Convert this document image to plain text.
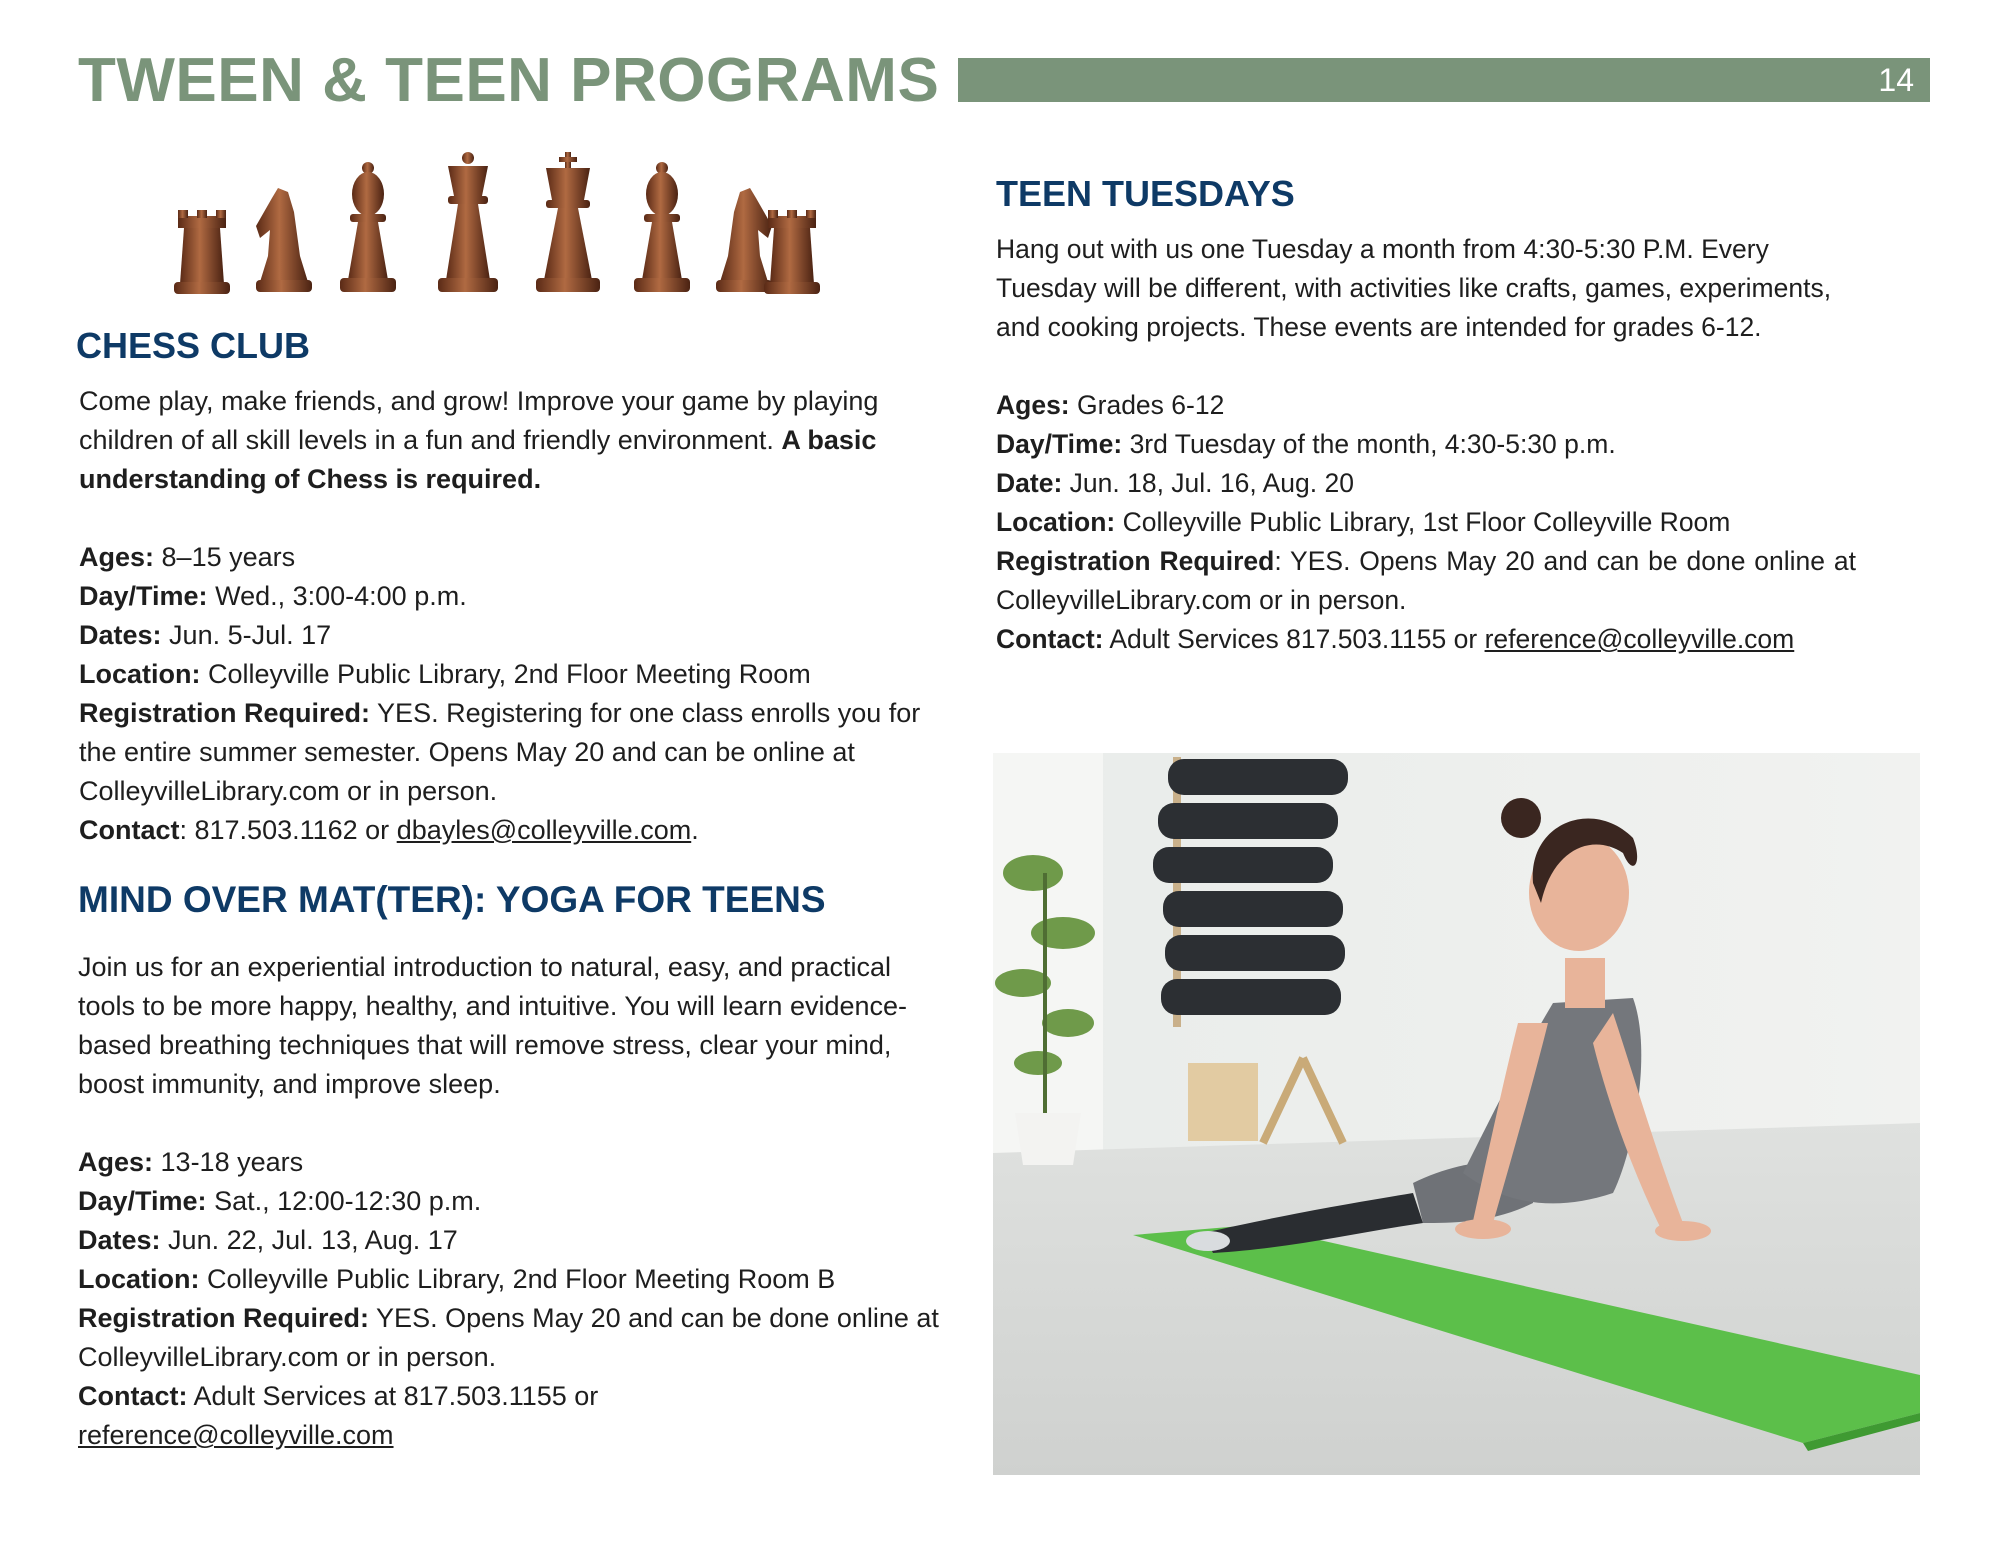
TWEEN & TEEN PROGRAMS	14
CHESS CLUB

Come play, make friends, and grow! Improve your game by playing children of all skill levels in a fun and friendly environment. A basic understanding of Chess is required.

Ages: 8–15 years

Day/Time: Wed., 3:00-4:00 p.m.

Dates: Jun. 5-Jul. 17

Location: Colleyville Public Library, 2nd Floor Meeting Room

Registration Required: YES. Registering for one class enrolls you for the entire summer semester. Opens May 20 and can be online at ColleyvilleLibrary.com or in person.

Contact: 817.503.1162 or dbayles@colleyville.com.

MIND OVER MAT(TER): YOGA FOR TEENS

Join us for an experiential introduction to natural, easy, and practical tools to be more happy, healthy, and intuitive. You will learn evidence-based breathing techniques that will remove stress, clear your mind, boost immunity, and improve sleep.

Ages: 13-18 years

Day/Time: Sat., 12:00-12:30 p.m.

Dates: Jun. 22, Jul. 13, Aug. 17

Location: Colleyville Public Library, 2nd Floor Meeting Room B

Registration Required: YES. Opens May 20 and can be done online at ColleyvilleLibrary.com or in person.

Contact: Adult Services at 817.503.1155 or
reference@colleyville.com

TEEN TUESDAYS

Hang out with us one Tuesday a month from 4:30-5:30 P.M. Every Tuesday will be different, with activities like crafts, games, experiments, and cooking projects. These events are intended for grades 6-12.

Ages: Grades 6-12

Day/Time: 3rd Tuesday of the month, 4:30-5:30 p.m.

Date: Jun. 18, Jul. 16, Aug. 20

Location: Colleyville Public Library, 1st Floor Colleyville Room

Registration Required: YES. Opens May 20 and can be done online at ColleyvilleLibrary.com or in person.

Contact: Adult Services 817.503.1155 or reference@colleyville.com
